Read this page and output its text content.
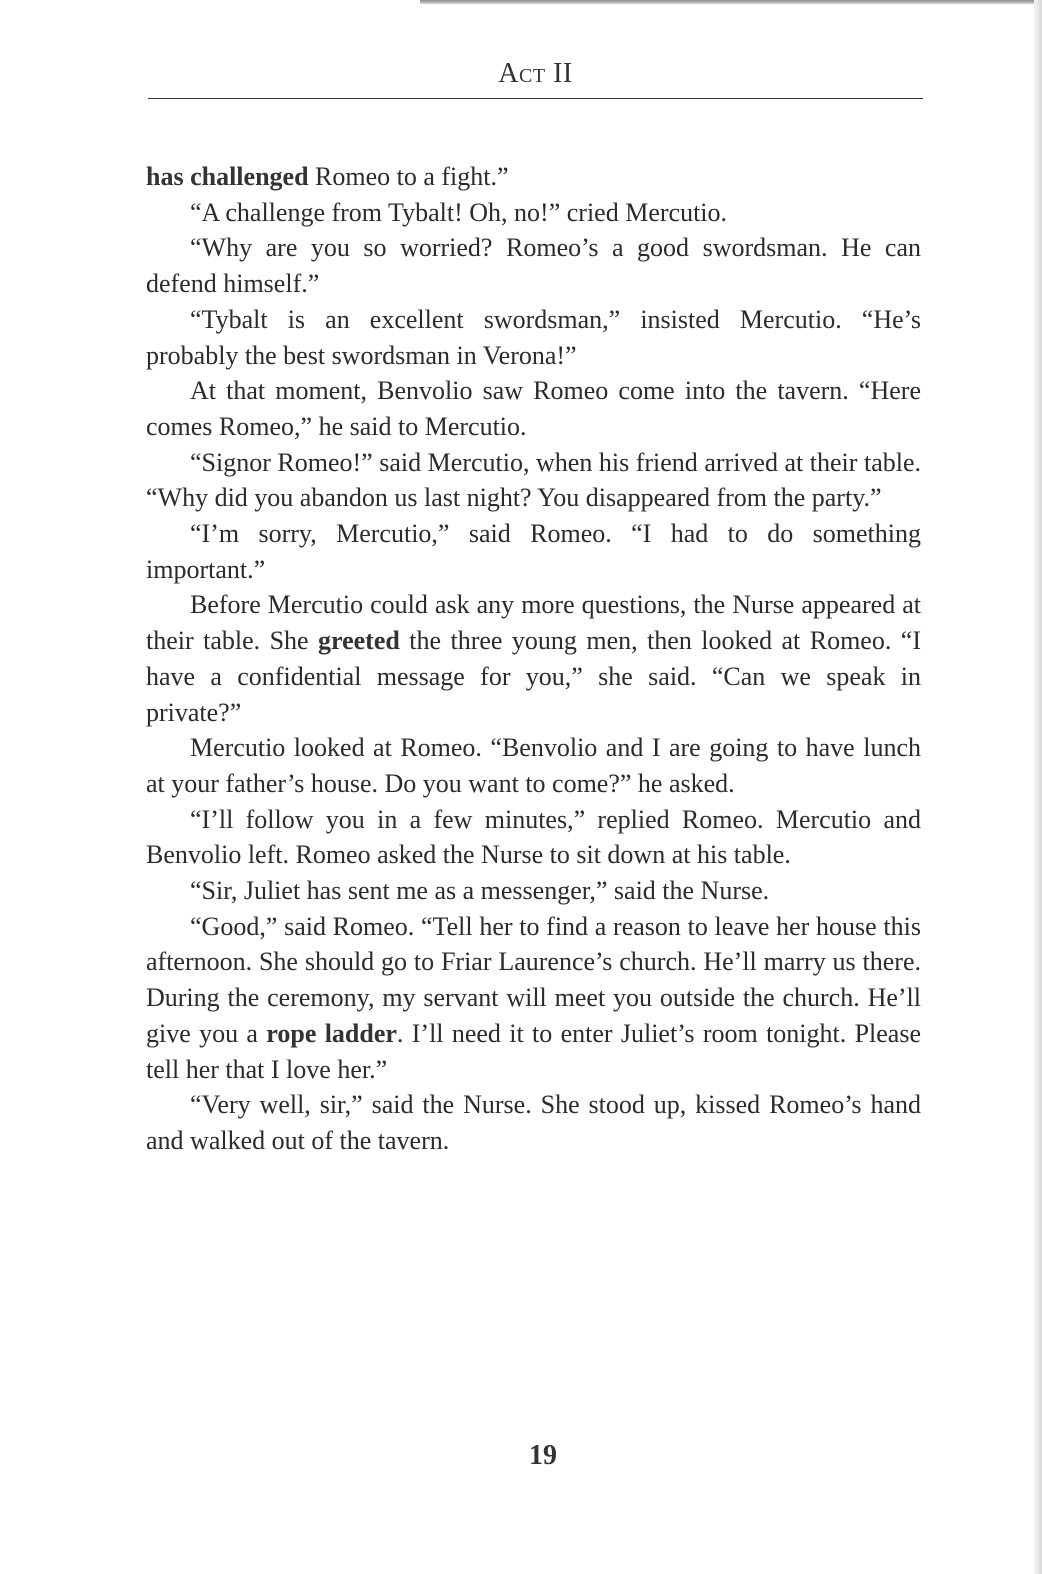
Act II

has challenged Romeo to a fight.”

“A challenge from Tybalt! Oh, no!” cried Mercutio.

“Why are you so worried? Romeo’s a good swordsman. He can defend himself.”

“Tybalt is an excellent swordsman,” insisted Mercutio. “He’s probably the best swordsman in Verona!”

At that moment, Benvolio saw Romeo come into the tavern. “Here comes Romeo,” he said to Mercutio.

“Signor Romeo!” said Mercutio, when his friend arrived at their table. “Why did you abandon us last night? You disappeared from the party.”

“I’m sorry, Mercutio,” said Romeo. “I had to do something important.”

Before Mercutio could ask any more questions, the Nurse appeared at their table. She greeted the three young men, then looked at Romeo. “I have a confidential message for you,” she said. “Can we speak in private?”

Mercutio looked at Romeo. “Benvolio and I are going to have lunch at your father’s house. Do you want to come?” he asked.

“I’ll follow you in a few minutes,” replied Romeo. Mercutio and Benvolio left. Romeo asked the Nurse to sit down at his table.

“Sir, Juliet has sent me as a messenger,” said the Nurse.

“Good,” said Romeo. “Tell her to find a reason to leave her house this afternoon. She should go to Friar Laurence’s church. He’ll marry us there. During the ceremony, my servant will meet you outside the church. He’ll give you a rope ladder. I’ll need it to enter Juliet’s room tonight. Please tell her that I love her.”

“Very well, sir,” said the Nurse. She stood up, kissed Romeo’s hand and walked out of the tavern.

19
